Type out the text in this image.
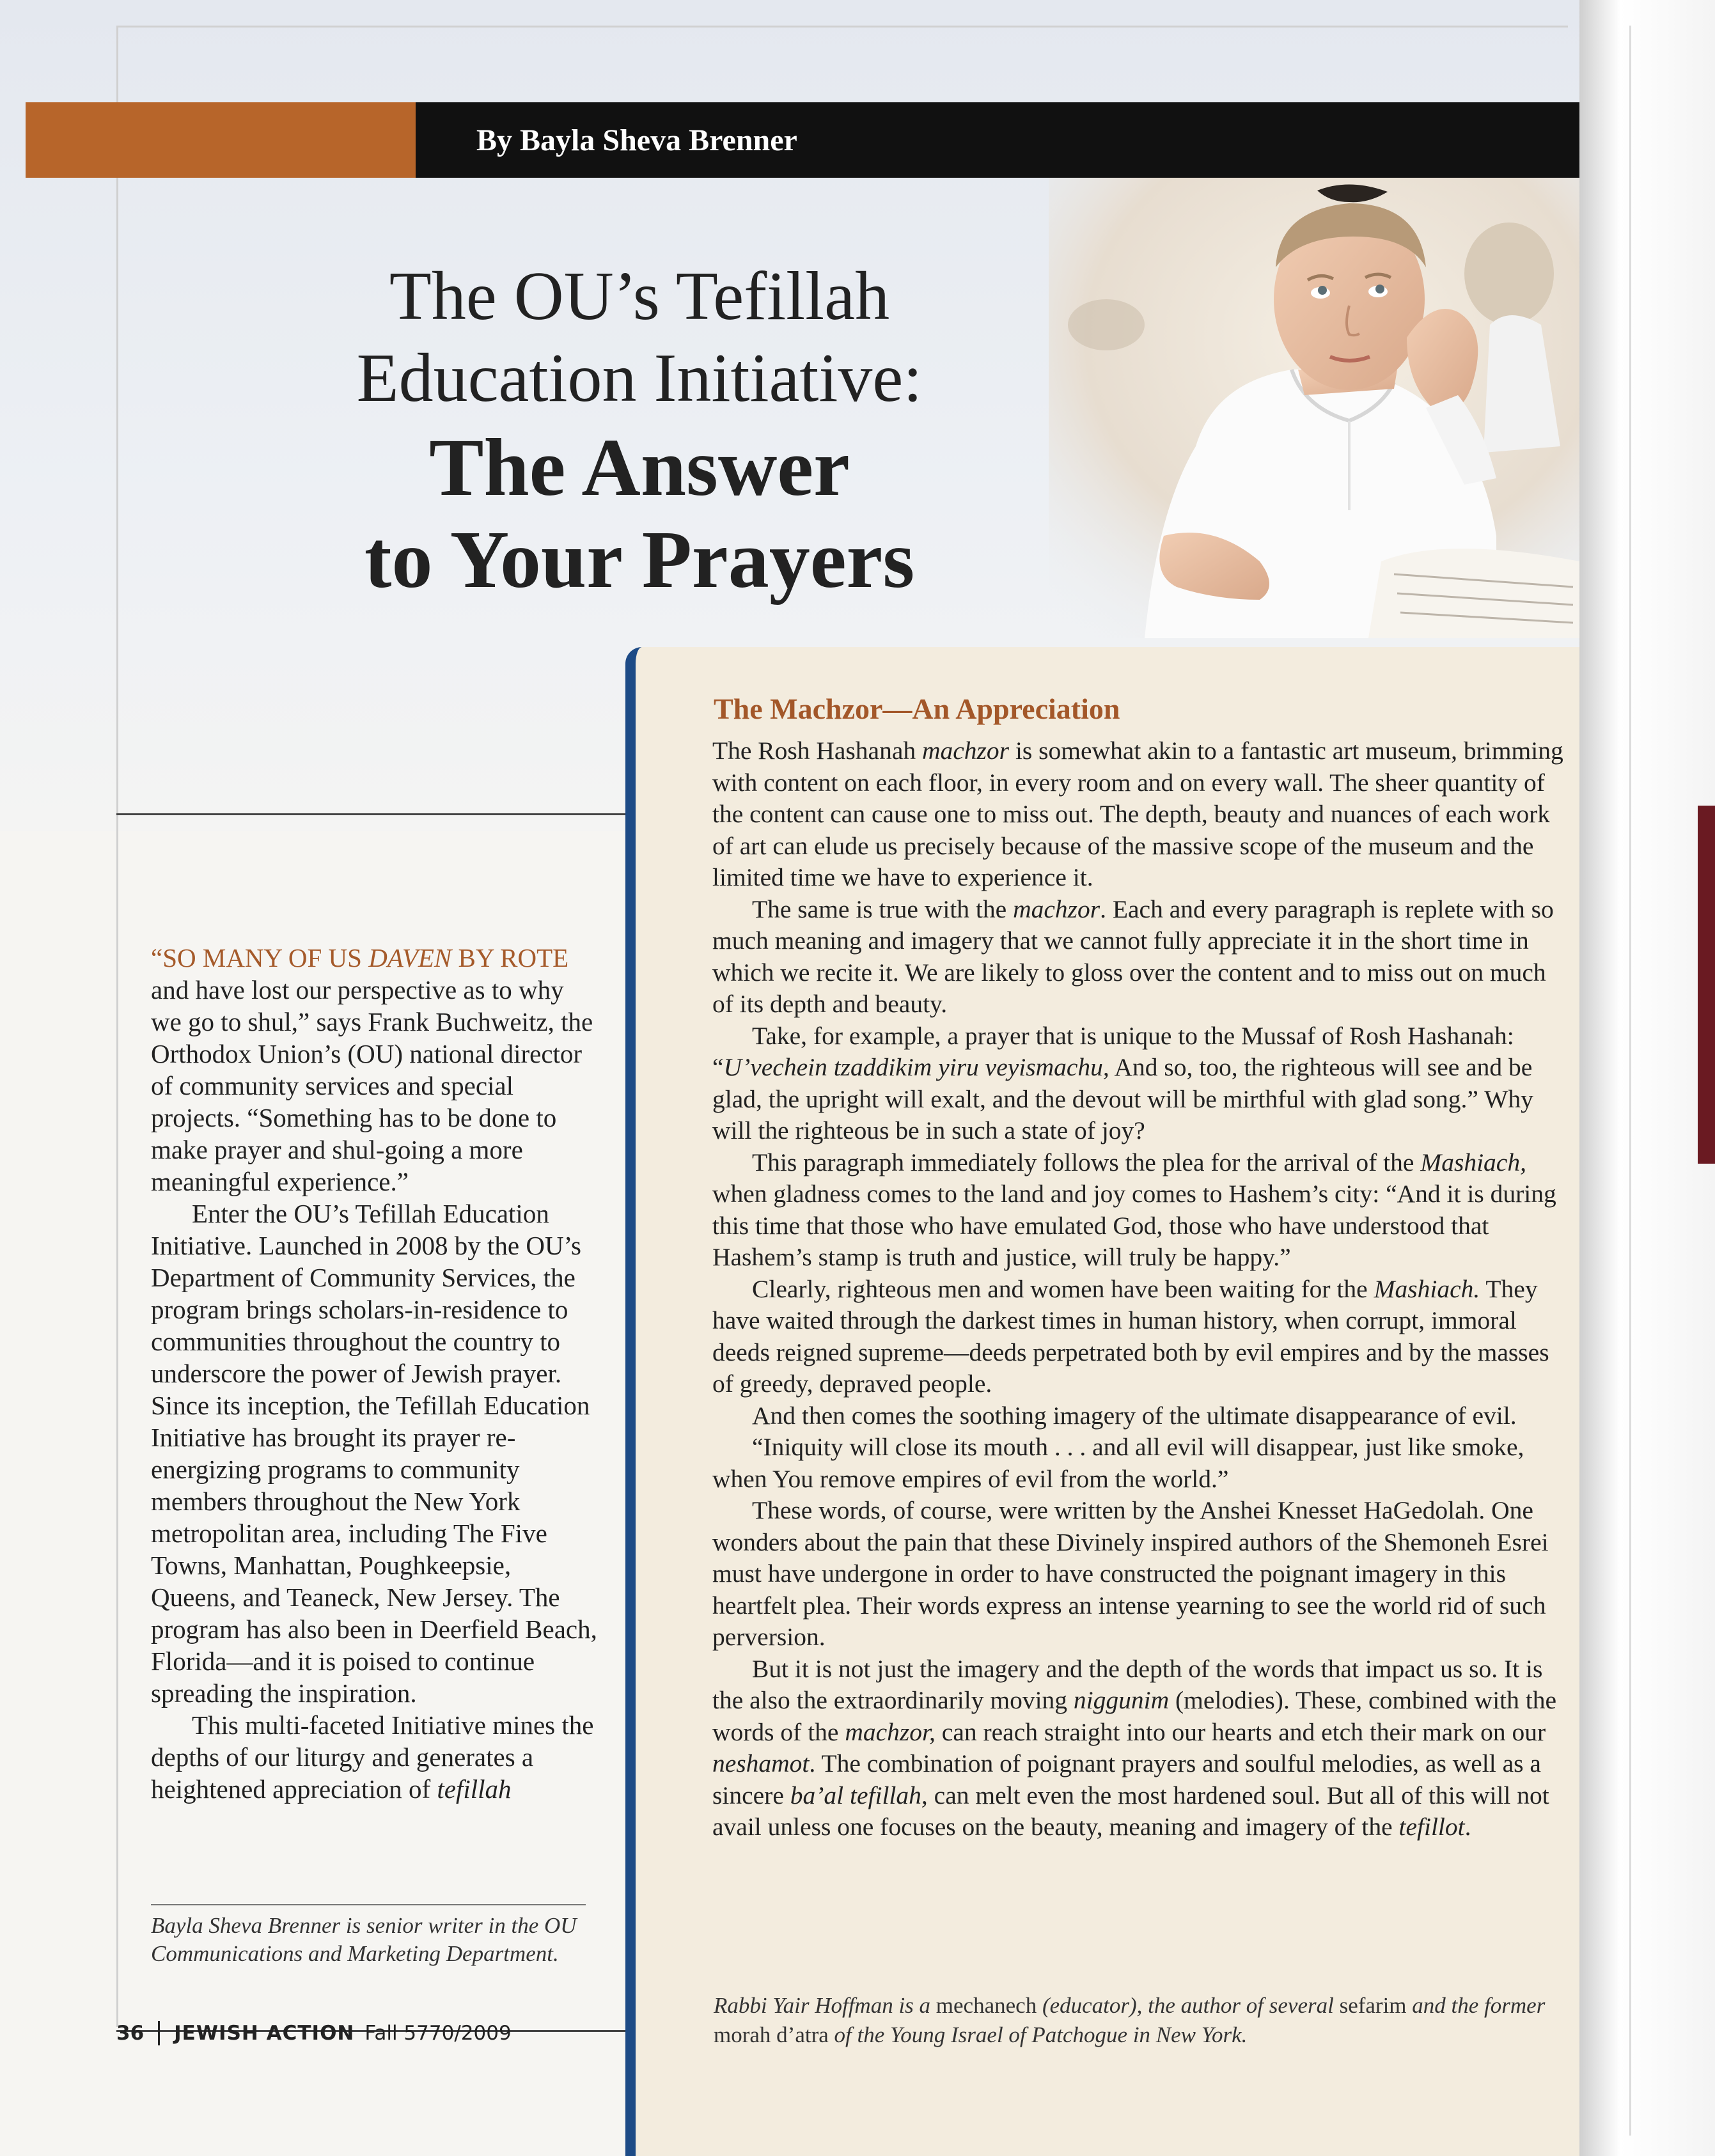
By Bayla Sheva Brenner
The OU’s Tefillah
Education Initiative:
The Answer
to Your Prayers

“SO MANY OF US DAVEN BY ROTE and have lost our perspective as to why we go to shul,” says Frank Buchweitz, the Orthodox Union’s (OU) national director of community services and special projects. “Something has to be done to make prayer and shul-going a more meaningful experience.”

Enter the OU’s Tefillah Education Initiative. Launched in 2008 by the OU’s Department of Community Services, the program brings scholars-in-residence to communities throughout the country to underscore the power of Jewish prayer. Since its inception, the Tefillah Education Initiative has brought its prayer re-energizing programs to community members throughout the New York metropolitan area, including The Five Towns, Manhattan, Poughkeepsie, Queens, and Teaneck, New Jersey. The program has also been in Deerfield Beach, Florida—and it is poised to continue spreading the inspiration.

This multi-faceted Initiative mines the depths of our liturgy and generates a heightened appreciation of tefillah

Bayla Sheva Brenner is senior writer in the OU Communications and Marketing Department.
36 JEWISH ACTION Fall 5770/2009
The Machzor—An Appreciation

The Rosh Hashanah machzor is somewhat akin to a fantastic art museum, brimming with content on each floor, in every room and on every wall. The sheer quantity of the content can cause one to miss out. The depth, beauty and nuances of each work of art can elude us precisely because of the massive scope of the museum and the limited time we have to experience it.

The same is true with the machzor. Each and every paragraph is replete with so much meaning and imagery that we cannot fully appreciate it in the short time in which we recite it. We are likely to gloss over the content and to miss out on much of its depth and beauty.

Take, for example, a prayer that is unique to the Mussaf of Rosh Hashanah: “U’vechein tzaddikim yiru veyismachu, And so, too, the righteous will see and be glad, the upright will exalt, and the devout will be mirthful with glad song.” Why will the righteous be in such a state of joy?

This paragraph immediately follows the plea for the arrival of the Mashiach, when gladness comes to the land and joy comes to Hashem’s city: “And it is during this time that those who have emulated God, those who have understood that Hashem’s stamp is truth and justice, will truly be happy.”

Clearly, righteous men and women have been waiting for the Mashiach. They have waited through the darkest times in human history, when corrupt, immoral deeds reigned supreme—deeds perpetrated both by evil empires and by the masses of greedy, depraved people.

And then comes the soothing imagery of the ultimate disappearance of evil.

“Iniquity will close its mouth . . . and all evil will disappear, just like smoke, when You remove empires of evil from the world.”

These words, of course, were written by the Anshei Knesset HaGedolah. One wonders about the pain that these Divinely inspired authors of the Shemoneh Esrei must have undergone in order to have constructed the poignant imagery in this heartfelt plea. Their words express an intense yearning to see the world rid of such perversion.

But it is not just the imagery and the depth of the words that impact us so. It is the also the extraordinarily moving niggunim (melodies). These, combined with the words of the machzor, can reach straight into our hearts and etch their mark on our neshamot. The combination of poignant prayers and soulful melodies, as well as a sincere ba’al tefillah, can melt even the most hardened soul. But all of this will not avail unless one focuses on the beauty, meaning and imagery of the tefillot.

Rabbi Yair Hoffman is a mechanech (educator), the author of several sefarim and the former morah d’atra of the Young Israel of Patchogue in New York.
